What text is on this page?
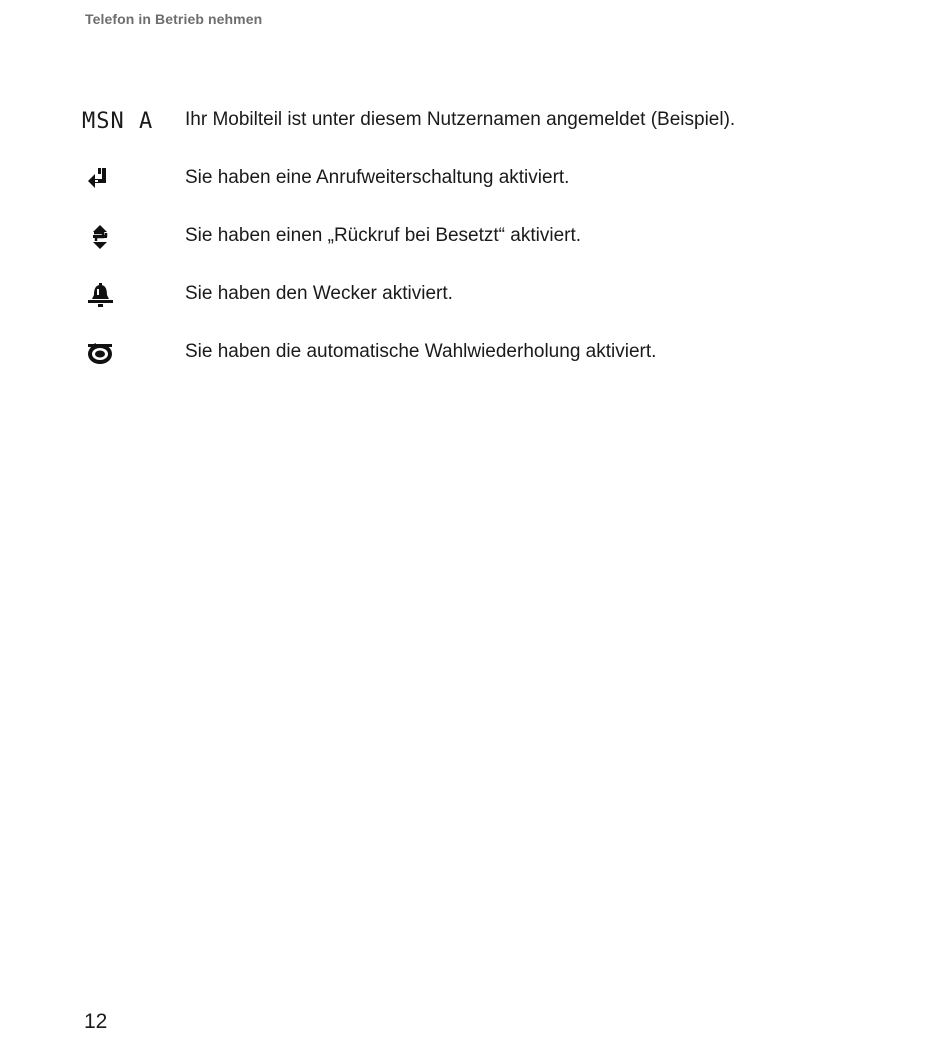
Telefon in Betrieb nehmen
MSN A Ihr Mobilteil ist unter diesem Nutzernamen angemeldet (Beispiel).
Sie haben eine Anrufweiterschaltung aktiviert.
Sie haben einen „Rückruf bei Besetzt“ aktiviert.
Sie haben den Wecker aktiviert.
Sie haben die automatische Wahlwiederholung aktiviert.
12
